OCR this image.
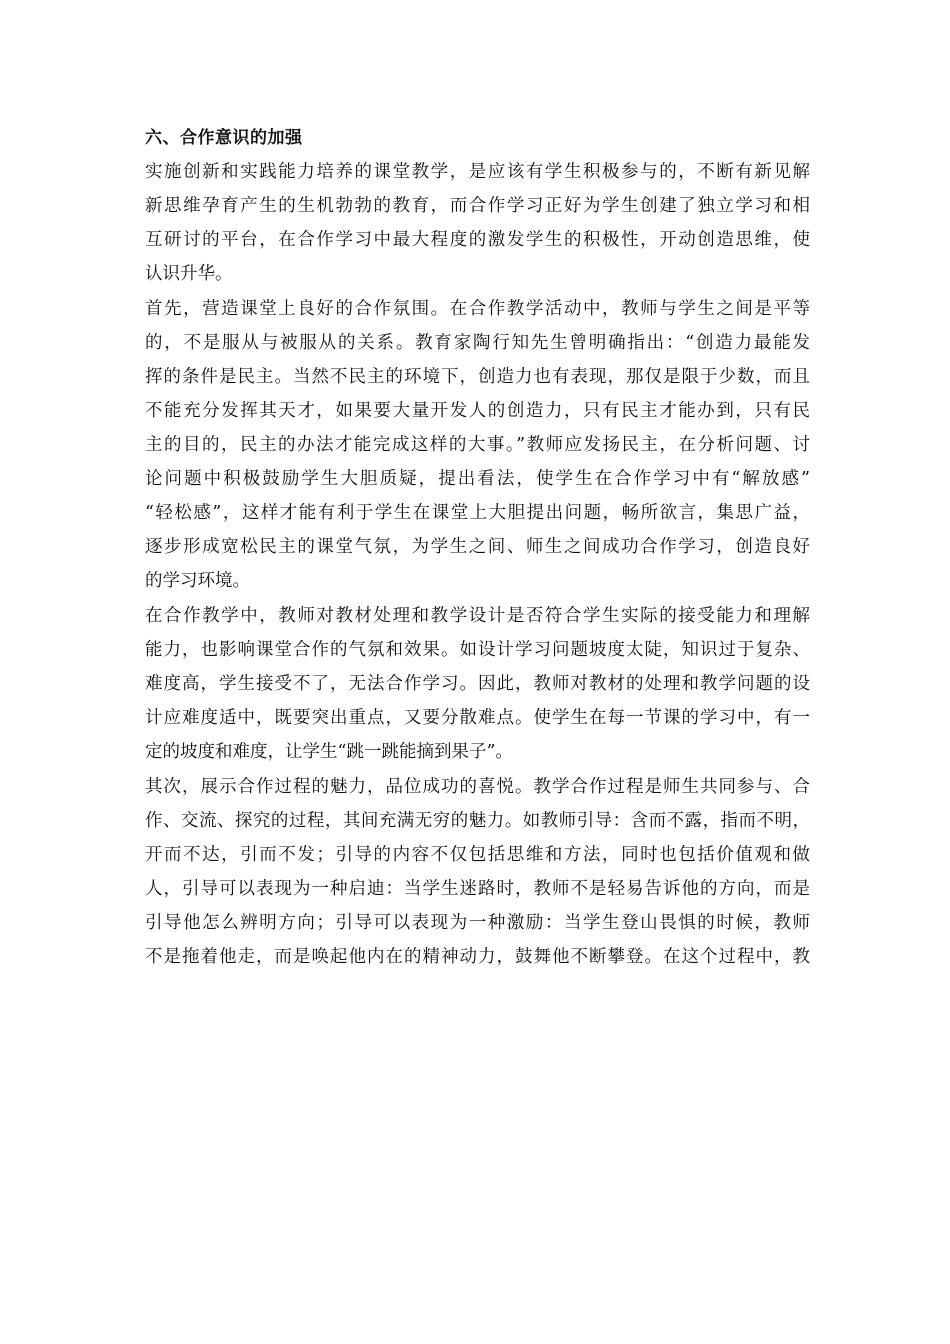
六、合作意识的加强
实施创新和实践能力培养的课堂教学，是应该有学生积极参与的，不断有新见解
新思维孕育产生的生机勃勃的教育，而合作学习正好为学生创建了独立学习和相
互研讨的平台，在合作学习中最大程度的激发学生的积极性，开动创造思维，使
认识升华。
首先，营造课堂上良好的合作氛围。在合作教学活动中，教师与学生之间是平等
的，不是服从与被服从的关系。教育家陶行知先生曾明确指出：“创造力最能发
挥的条件是民主。当然不民主的环境下，创造力也有表现，那仅是限于少数，而且
不能充分发挥其天才，如果要大量开发人的创造力，只有民主才能办到，只有民
主的目的，民主的办法才能完成这样的大事。”教师应发扬民主，在分析问题、讨
论问题中积极鼓励学生大胆质疑，提出看法，使学生在合作学习中有“解放感”
“轻松感”，这样才能有利于学生在课堂上大胆提出问题，畅所欲言，集思广益，
逐步形成宽松民主的课堂气氛，为学生之间、师生之间成功合作学习，创造良好
的学习环境。
在合作教学中，教师对教材处理和教学设计是否符合学生实际的接受能力和理解
能力，也影响课堂合作的气氛和效果。如设计学习问题坡度太陡，知识过于复杂、
难度高，学生接受不了，无法合作学习。因此，教师对教材的处理和教学问题的设
计应难度适中，既要突出重点，又要分散难点。使学生在每一节课的学习中，有一
定的坡度和难度，让学生“跳一跳能摘到果子”。
其次，展示合作过程的魅力，品位成功的喜悦。教学合作过程是师生共同参与、合
作、交流、探究的过程，其间充满无穷的魅力。如教师引导：含而不露，指而不明，
开而不达，引而不发；引导的内容不仅包括思维和方法，同时也包括价值观和做
人，引导可以表现为一种启迪：当学生迷路时，教师不是轻易告诉他的方向，而是
引导他怎么辨明方向；引导可以表现为一种激励：当学生登山畏惧的时候，教师
不是拖着他走，而是唤起他内在的精神动力，鼓舞他不断攀登。在这个过程中，教
